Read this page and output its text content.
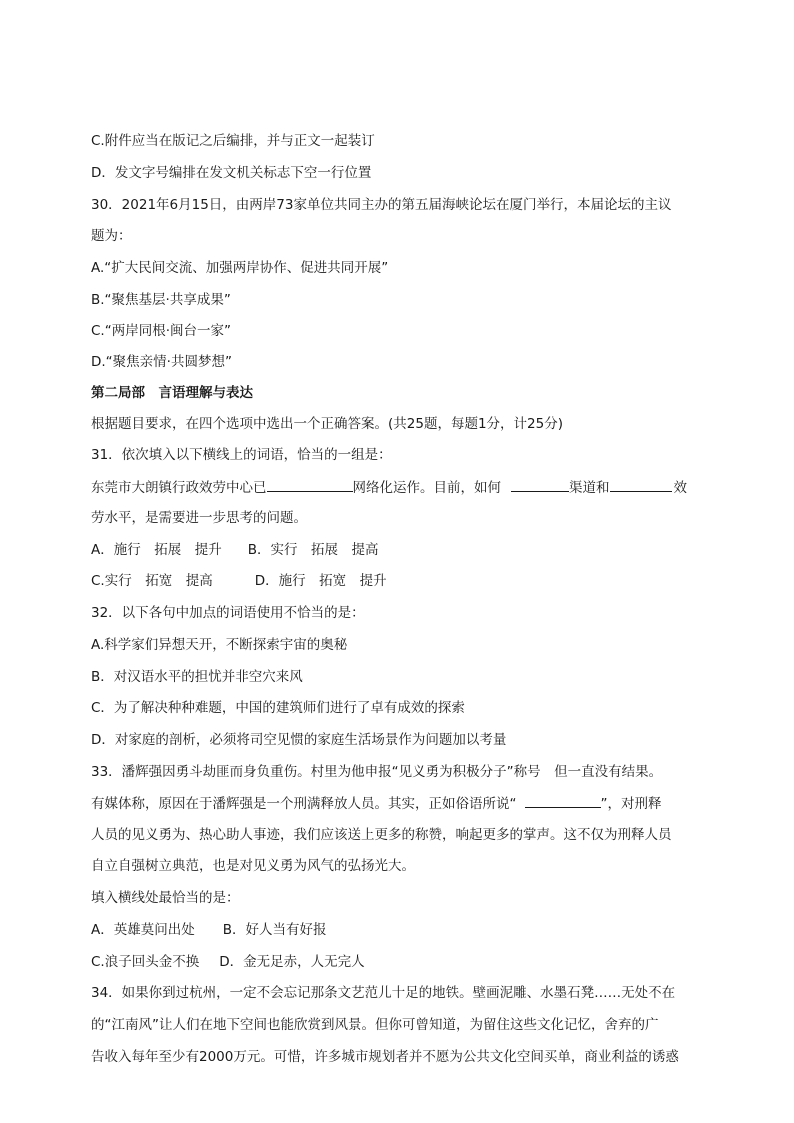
C.附件应当在版记之后编排，并与正文一起装订
D．发文字号编排在发文机关标志下空一行位置
30．2021年6月15日，由两岸73家单位共同主办的第五届海峡论坛在厦门举行，本届论坛的主议
题为：
A.“扩大民间交流、加强两岸协作、促进共同开展”
B.“聚焦基层·共享成果”
C.“两岸同根·闽台一家”
D.“聚焦亲情·共圆梦想”
第二局部　言语理解与表达
根据题目要求，在四个选项中选出一个正确答案。(共25题，每题1分，计25分)
31．依次填入以下横线上的词语，恰当的一组是：
东莞市大朗镇行政效劳中心已	网络化运作。目前，如何	渠道和	效
劳水平，是需要进一步思考的问题。
A．施行　拓展　提升 B．实行　拓展　提高
C.实行　拓宽　提高	D．施行　拓宽　提升
32．以下各句中加点的词语使用不恰当的是：
A.科学家们异想天开，不断探索宇宙的奥秘
B．对汉语水平的担忧并非空穴来风
C．为了解决种种难题，中国的建筑师们进行了卓有成效的探索
D．对家庭的剖析，必须将司空见惯的家庭生活场景作为问题加以考量
33．潘辉强因勇斗劫匪而身负重伤。村里为他申报“见义勇为积极分子”称号　但一直没有结果。
有媒体称，原因在于潘辉强是一个刑满释放人员。其实，正如俗语所说“	”，对刑释
人员的见义勇为、热心助人事迹，我们应该送上更多的称赞，响起更多的掌声。这不仅为刑释人员
自立自强树立典范，也是对见义勇为风气的弘扬光大。
填入横线处最恰当的是：
A．英雄莫问出处 B．好人当有好报
C.浪子回头金不换 D．金无足赤，人无完人
34．如果你到过杭州，一定不会忘记那条文艺范儿十足的地铁。壁画泥雕、水墨石凳……无处不在
的“江南风”让人们在地下空间也能欣赏到风景。但你可曾知道，为留住这些文化记忆，舍弃的广
告收入每年至少有2000万元。可惜，许多城市规划者并不愿为公共文化空间买单，商业利益的诱惑
